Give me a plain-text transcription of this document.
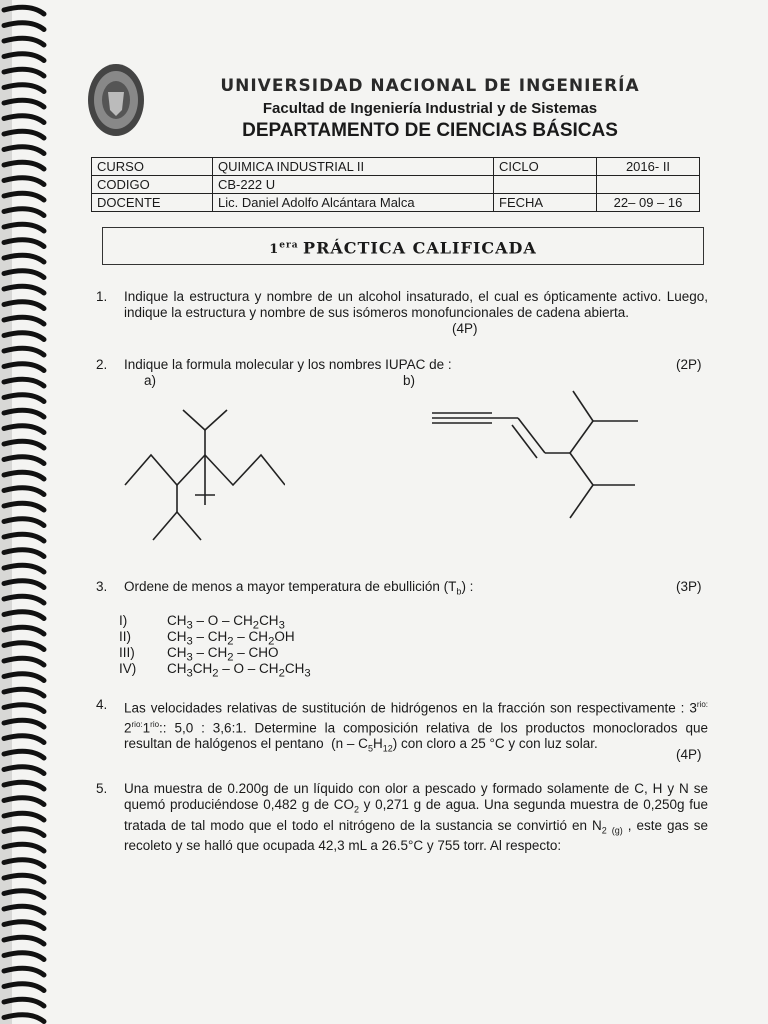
UNIVERSIDAD NACIONAL DE INGENIERÍA
Facultad de Ingeniería Industrial y de Sistemas
DEPARTAMENTO DE CIENCIAS BÁSICAS
CURSO	QUIMICA INDUSTRIAL II	CICLO	2016- II
CODIGO	CB-222 U		
DOCENTE	Lic. Daniel Adolfo Alcántara Malca	FECHA	22– 09 – 16
$1^{era}$ PRÁCTICA CALIFICADA
1. Indique la estructura y nombre de un alcohol insaturado, el cual es ópticamente activo. Luego, indique la estructura y nombre de sus isómeros monofuncionales de cadena abierta.
(4P)
2. Indique la formula molecular y los nombres IUPAC de :	(2P)
a)	b)
3. Ordene de menos a mayor temperatura de ebullición $(T_b)$ :	(3P)
I)	$CH_3$ – O – $CH_2CH_3$
II)	$CH_3 - CH_2 - CH_2OH$
III) $CH_3 - CH_2$ – CHO
IV) $CH_3CH_2$ – O – $CH_2CH_3$
4. Las velocidades relativas de sustitución de hidrógenos en la fracción son respectivamente : $3^{rio:}$ $2^{rio:}1^{rio}$:: 5,0 : 3,6:1. Determine la composición relativa de los productos monoclorados que resultan de halógenos el pentano  $(n - C_5H_{12})$ con cloro a 25 °C y con luz solar.
(4P)
5. Una muestra de 0.200g de un líquido con olor a pescado y formado solamente de C, H y N se quemó produciéndose 0,482 g de $CO_2$ y 0,271 g de agua. Una segunda muestra de 0,250g fue tratada de tal modo que el todo el nitrógeno de la sustancia se convirtió en $N_2$ $_{(g)}$ , este gas se recoleto y se halló que ocupada 42,3 mL a 26.5°C y 755 torr. Al respecto:
